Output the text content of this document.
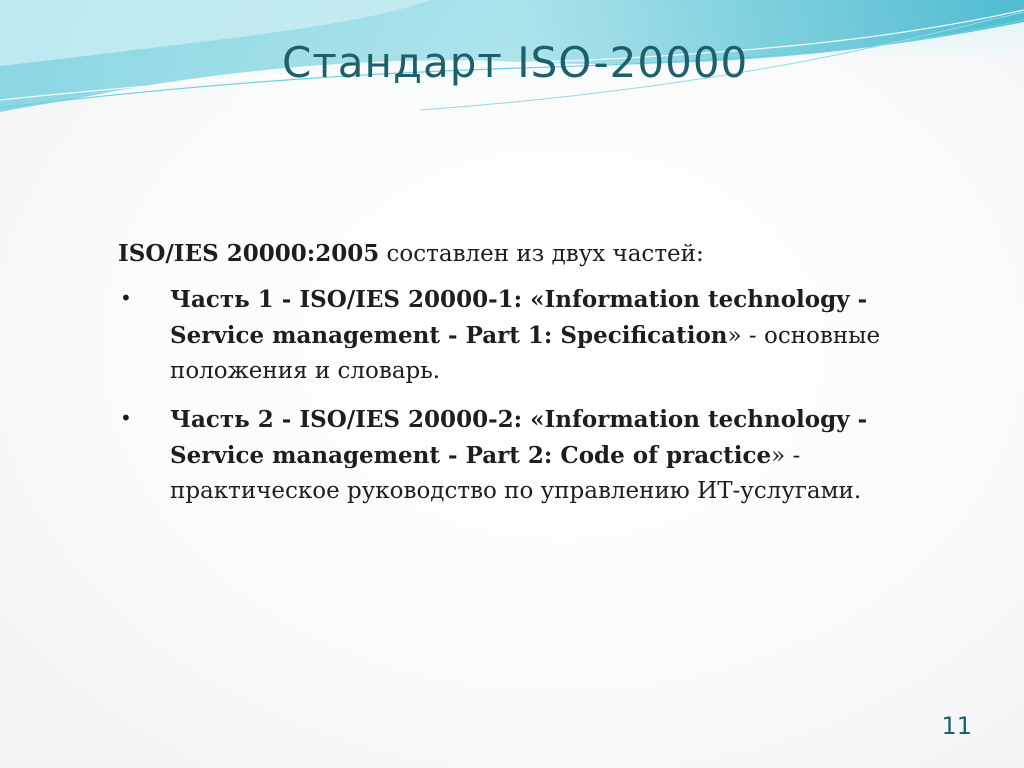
Стандарт ISO-20000

ISO/IES 20000:2005 составлен из двух частей:

• Часть 1 - ISO/IES 20000-1: «Information technology - Service management - Part 1: Specification» - основные положения и словарь.
• Часть 2 - ISO/IES 20000-2: «Information technology - Service management - Part 2: Code of practice» - практическое руководство по управлению ИТ-услугами.
11
